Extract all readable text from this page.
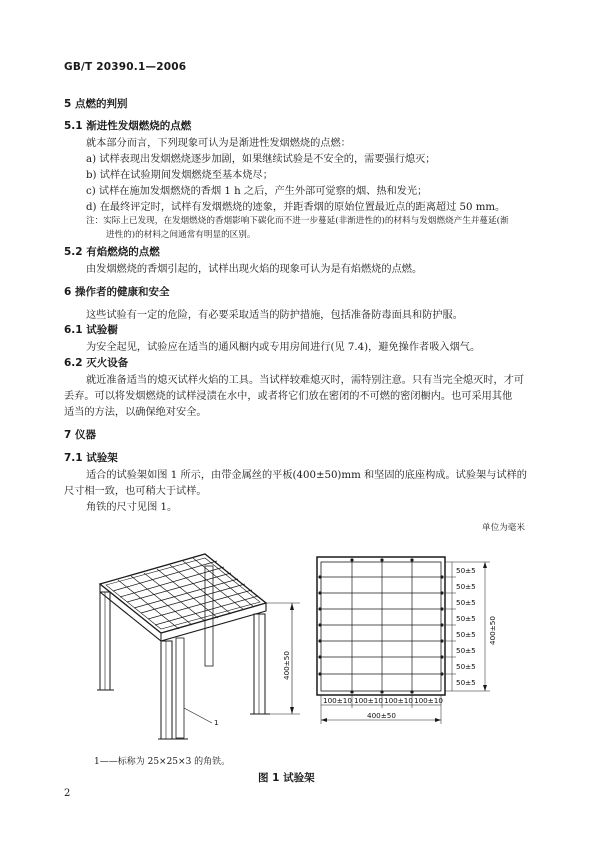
GB/T 20390.1—2006
5 点燃的判别
5.1 渐进性发烟燃烧的点燃
就本部分而言，下列现象可认为是渐进性发烟燃烧的点燃：
a) 试样表现出发烟燃烧逐步加剧，如果继续试验是不安全的，需要强行熄灭；
b) 试样在试验期间发烟燃烧至基本烧尽；
c) 试样在施加发烟燃烧的香烟 1 h 之后，产生外部可觉察的烟、热和发光；
d) 在最终评定时，试样有发烟燃烧的迹象，并距香烟的原始位置最近点的距离超过 50 mm。
注：实际上已发现，在发烟燃烧的香烟影响下碳化而不进一步蔓延(非渐进性的)的材料与发烟燃烧产生并蔓延(渐
进性的)的材料之间通常有明显的区别。
5.2 有焰燃烧的点燃
由发烟燃烧的香烟引起的，试样出现火焰的现象可认为是有焰燃烧的点燃。
6 操作者的健康和安全
这些试验有一定的危险，有必要采取适当的防护措施，包括准备防毒面具和防护服。
6.1 试验橱
为安全起见，试验应在适当的通风橱内或专用房间进行(见 7.4)，避免操作者吸入烟气。
6.2 灭火设备
就近准备适当的熄灭试样火焰的工具。当试样较难熄灭时，需特别注意。只有当完全熄灭时，才可
丢弃。可以将发烟燃烧的试样浸渍在水中，或者将它们放在密闭的不可燃的密闭橱内。也可采用其他
适当的方法，以确保绝对安全。
7 仪器
7.1 试验架
适合的试验架如图 1 所示，由带金属丝的平板(400±50)mm 和坚固的底座构成。试验架与试样的
尺寸相一致，也可稍大于试样。
角铁的尺寸见图 1。
单位为毫米
50±5
50±5
50±5
50±5
50±5
50±5
50±5
50±5
100±10 100±10 100±10 100±10
400±50
400±50
400±50
1
1——标称为 25×25×3 的角铁。
图 1 试验架
2
